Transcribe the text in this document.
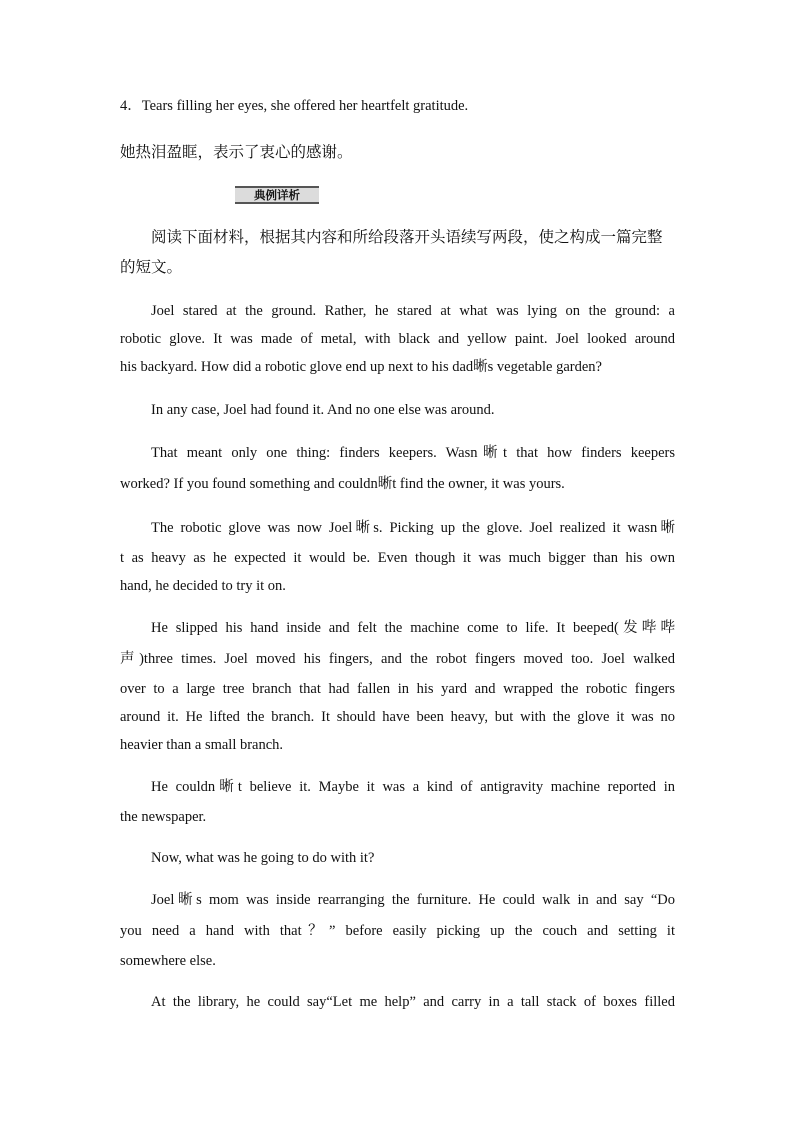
典例详析
4．Tears filling her eyes, she offered her heartfelt gratitude.
她热泪盈眶，表示了衷心的感谢。
阅读下面材料，根据其内容和所给段落开头语续写两段，使之构成一篇完整
的短文。
Joel stared at the ground. Rather, he stared at what was lying on the ground: a
robotic glove. It was made of metal, with black and yellow paint. Joel looked around
his backyard. How did a robotic glove end up next to his dad晰s vegetable garden?
In any case, Joel had found it. And no one else was around.
That meant only one thing: finders keepers. Wasn晰t that how finders keepers
worked? If you found something and couldn晰t find the owner, it was yours.
The robotic glove was now Joel晰s. Picking up the glove. Joel realized it wasn晰
t as heavy as he expected it would be. Even though it was much bigger than his own
hand, he decided to try it on.
He slipped his hand inside and felt the machine come to life. It beeped(发哔哔
声)three times. Joel moved his fingers, and the robot fingers moved too. Joel walked
over to a large tree branch that had fallen in his yard and wrapped the robotic fingers
around it. He lifted the branch. It should have been heavy, but with the glove it was no
heavier than a small branch.
He couldn晰t believe it. Maybe it was a kind of antigravity machine reported in
the newspaper.
Now, what was he going to do with it?
Joel晰s mom was inside rearranging the furniture. He could walk in and say “Do
you need a hand with that？” before easily picking up the couch and setting it
somewhere else.
At the library, he could say“Let me help” and carry in a tall stack of boxes filled
